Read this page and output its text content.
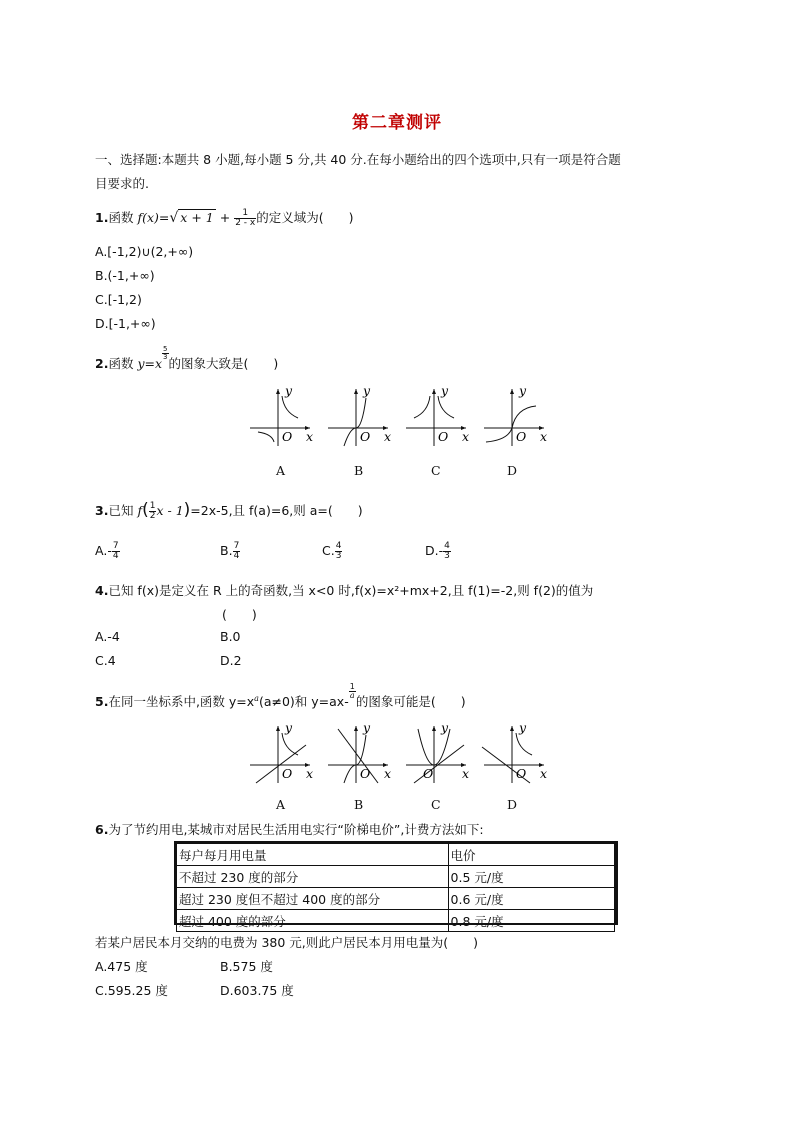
第二章测评
一、选择题:本题共 8 小题,每小题 5 分,共 40 分.在每小题给出的四个选项中,只有一项是符合题
目要求的.
1.函数 f(x)=√ $x + 1 + \frac{1}{2 - x}$ 的定义域为(　　)
A.[-1,2)∪(2,+∞)
B.(-1,+∞)
C.[-1,2)
D.[-1,+∞)
2.函数 y=x
$\frac{5}{3}$
的图象大致是(　　)
y
x
O
y
x
O
y
x
O
y
x
O
A	B	C	D
3.已知 $f( \frac{1}{2}$ x - 1)=2x-5,且 f(a)=6,则 a=(　　)
$A.- \frac{7}{4}$	B. $\frac{7}{4}$	C. $\frac{4}{3}$	$D.- \frac{4}{3}$
4.已知 f(x)是定义在 R 上的奇函数,当 x<0 时,f(x)=x²+mx+2,且 f(1)=-2,则 f(2)的值为
(　　)
A.-4	B.0
C.4	D.2
5.在同一坐标系中,函数 $y=x^a(a\ne 0)$和 y=ax-
$\frac{1}{a}$
的图象可能是(　　)
y
x
O
y
x
O
y
x
O
y
x
O
A	B	C	D
6.为了节约用电,某城市对居民生活用电实行“阶梯电价”,计费方法如下:
每户每月用电量	电价
不超过 230 度的部分	0.5 元/度
超过 230 度但不超过 400 度的部分	0.6 元/度
超过 400 度的部分	0.8 元/度
若某户居民本月交纳的电费为 380 元,则此户居民本月用电量为(　　)
A.475 度	B.575 度
C.595.25 度	D.603.75 度
